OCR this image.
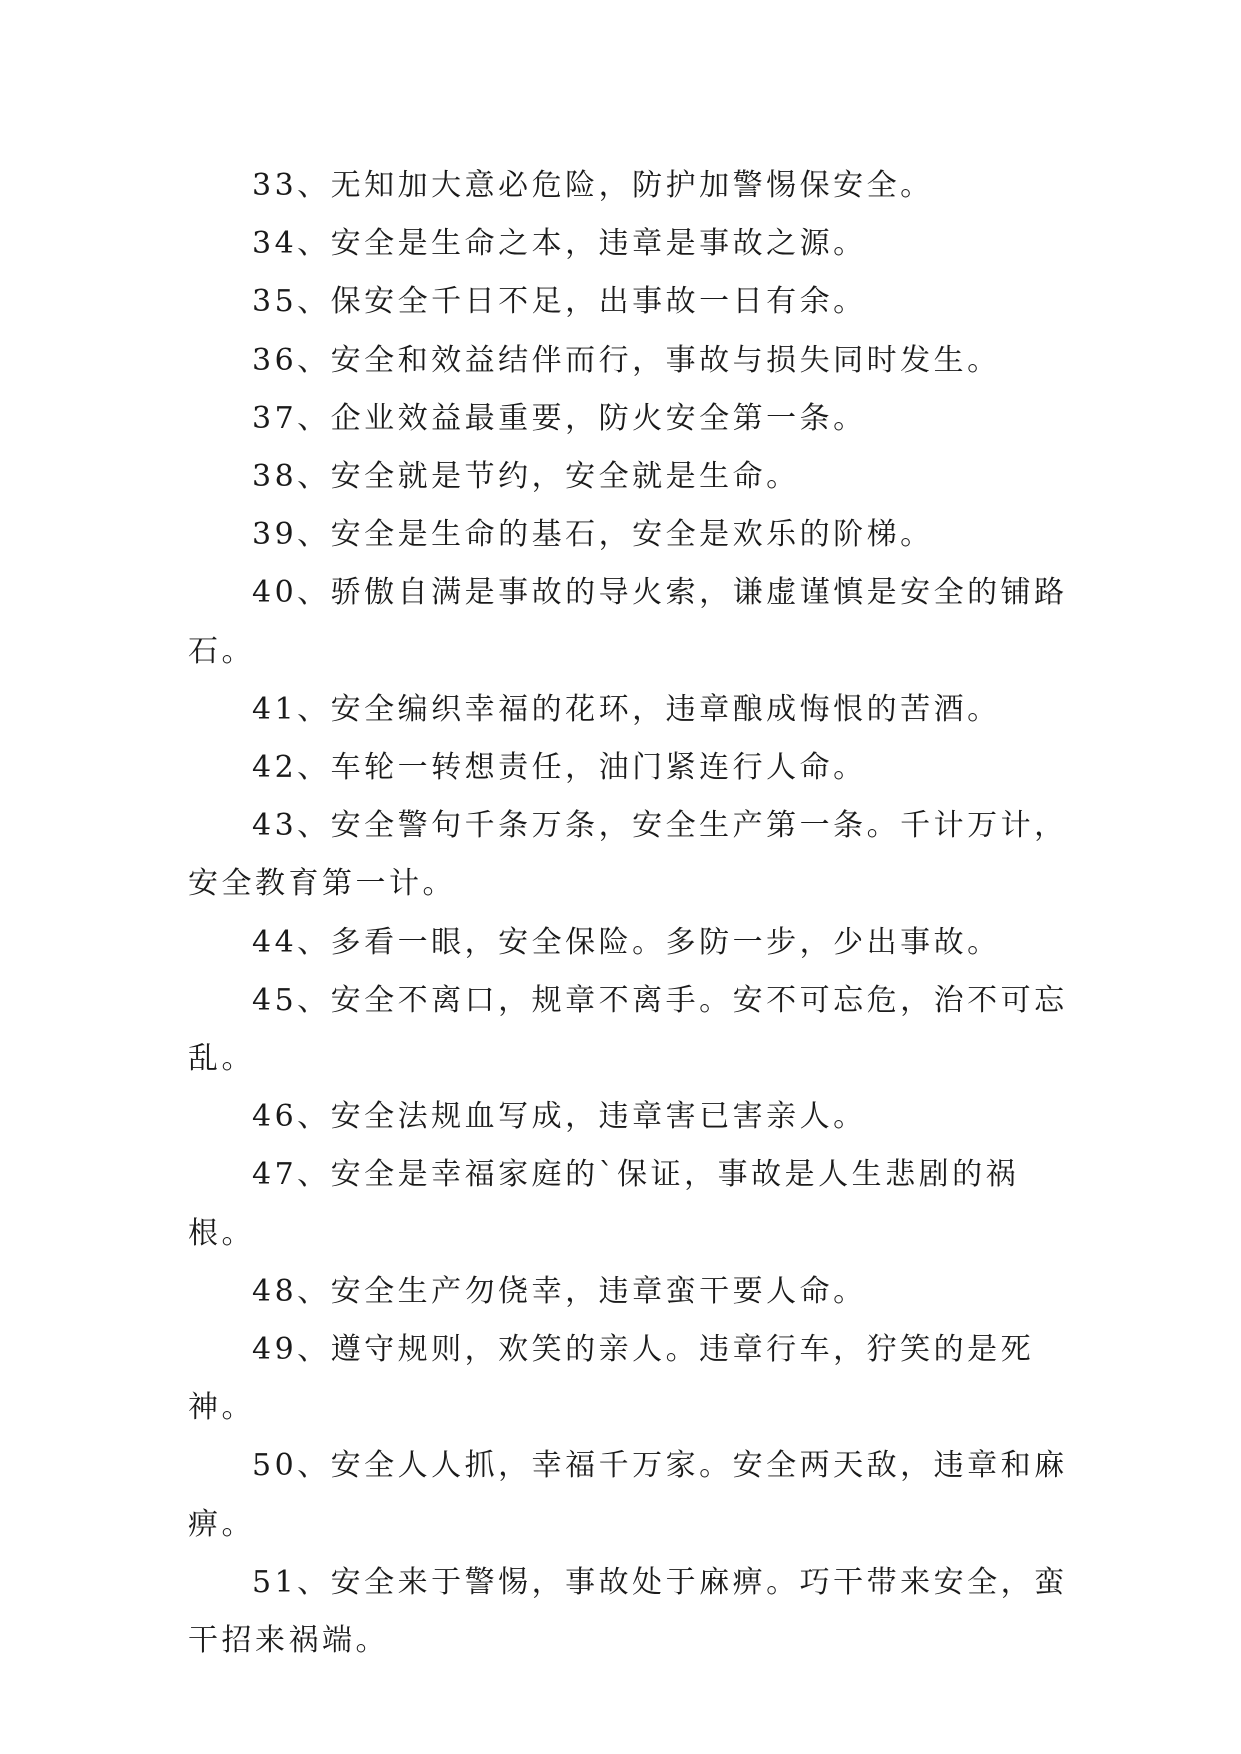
33、无知加大意必危险，防护加警惕保安全。

34、安全是生命之本，违章是事故之源。

35、保安全千日不足，出事故一日有余。

36、安全和效益结伴而行，事故与损失同时发生。

37、企业效益最重要，防火安全第一条。

38、安全就是节约，安全就是生命。

39、安全是生命的基石，安全是欢乐的阶梯。

40、骄傲自满是事故的导火索，谦虚谨慎是安全的铺路石。

41、安全编织幸福的花环，违章酿成悔恨的苦酒。

42、车轮一转想责任，油门紧连行人命。

43、安全警句千条万条，安全生产第一条。千计万计，安全教育第一计。

44、多看一眼，安全保险。多防一步，少出事故。

45、安全不离口，规章不离手。安不可忘危，治不可忘乱。

46、安全法规血写成，违章害已害亲人。

47、安全是幸福家庭的`保证，事故是人生悲剧的祸根。

48、安全生产勿侥幸，违章蛮干要人命。

49、遵守规则，欢笑的亲人。违章行车，狞笑的是死神。

50、安全人人抓，幸福千万家。安全两天敌，违章和麻痹。

51、安全来于警惕，事故处于麻痹。巧干带来安全，蛮干招来祸端。
